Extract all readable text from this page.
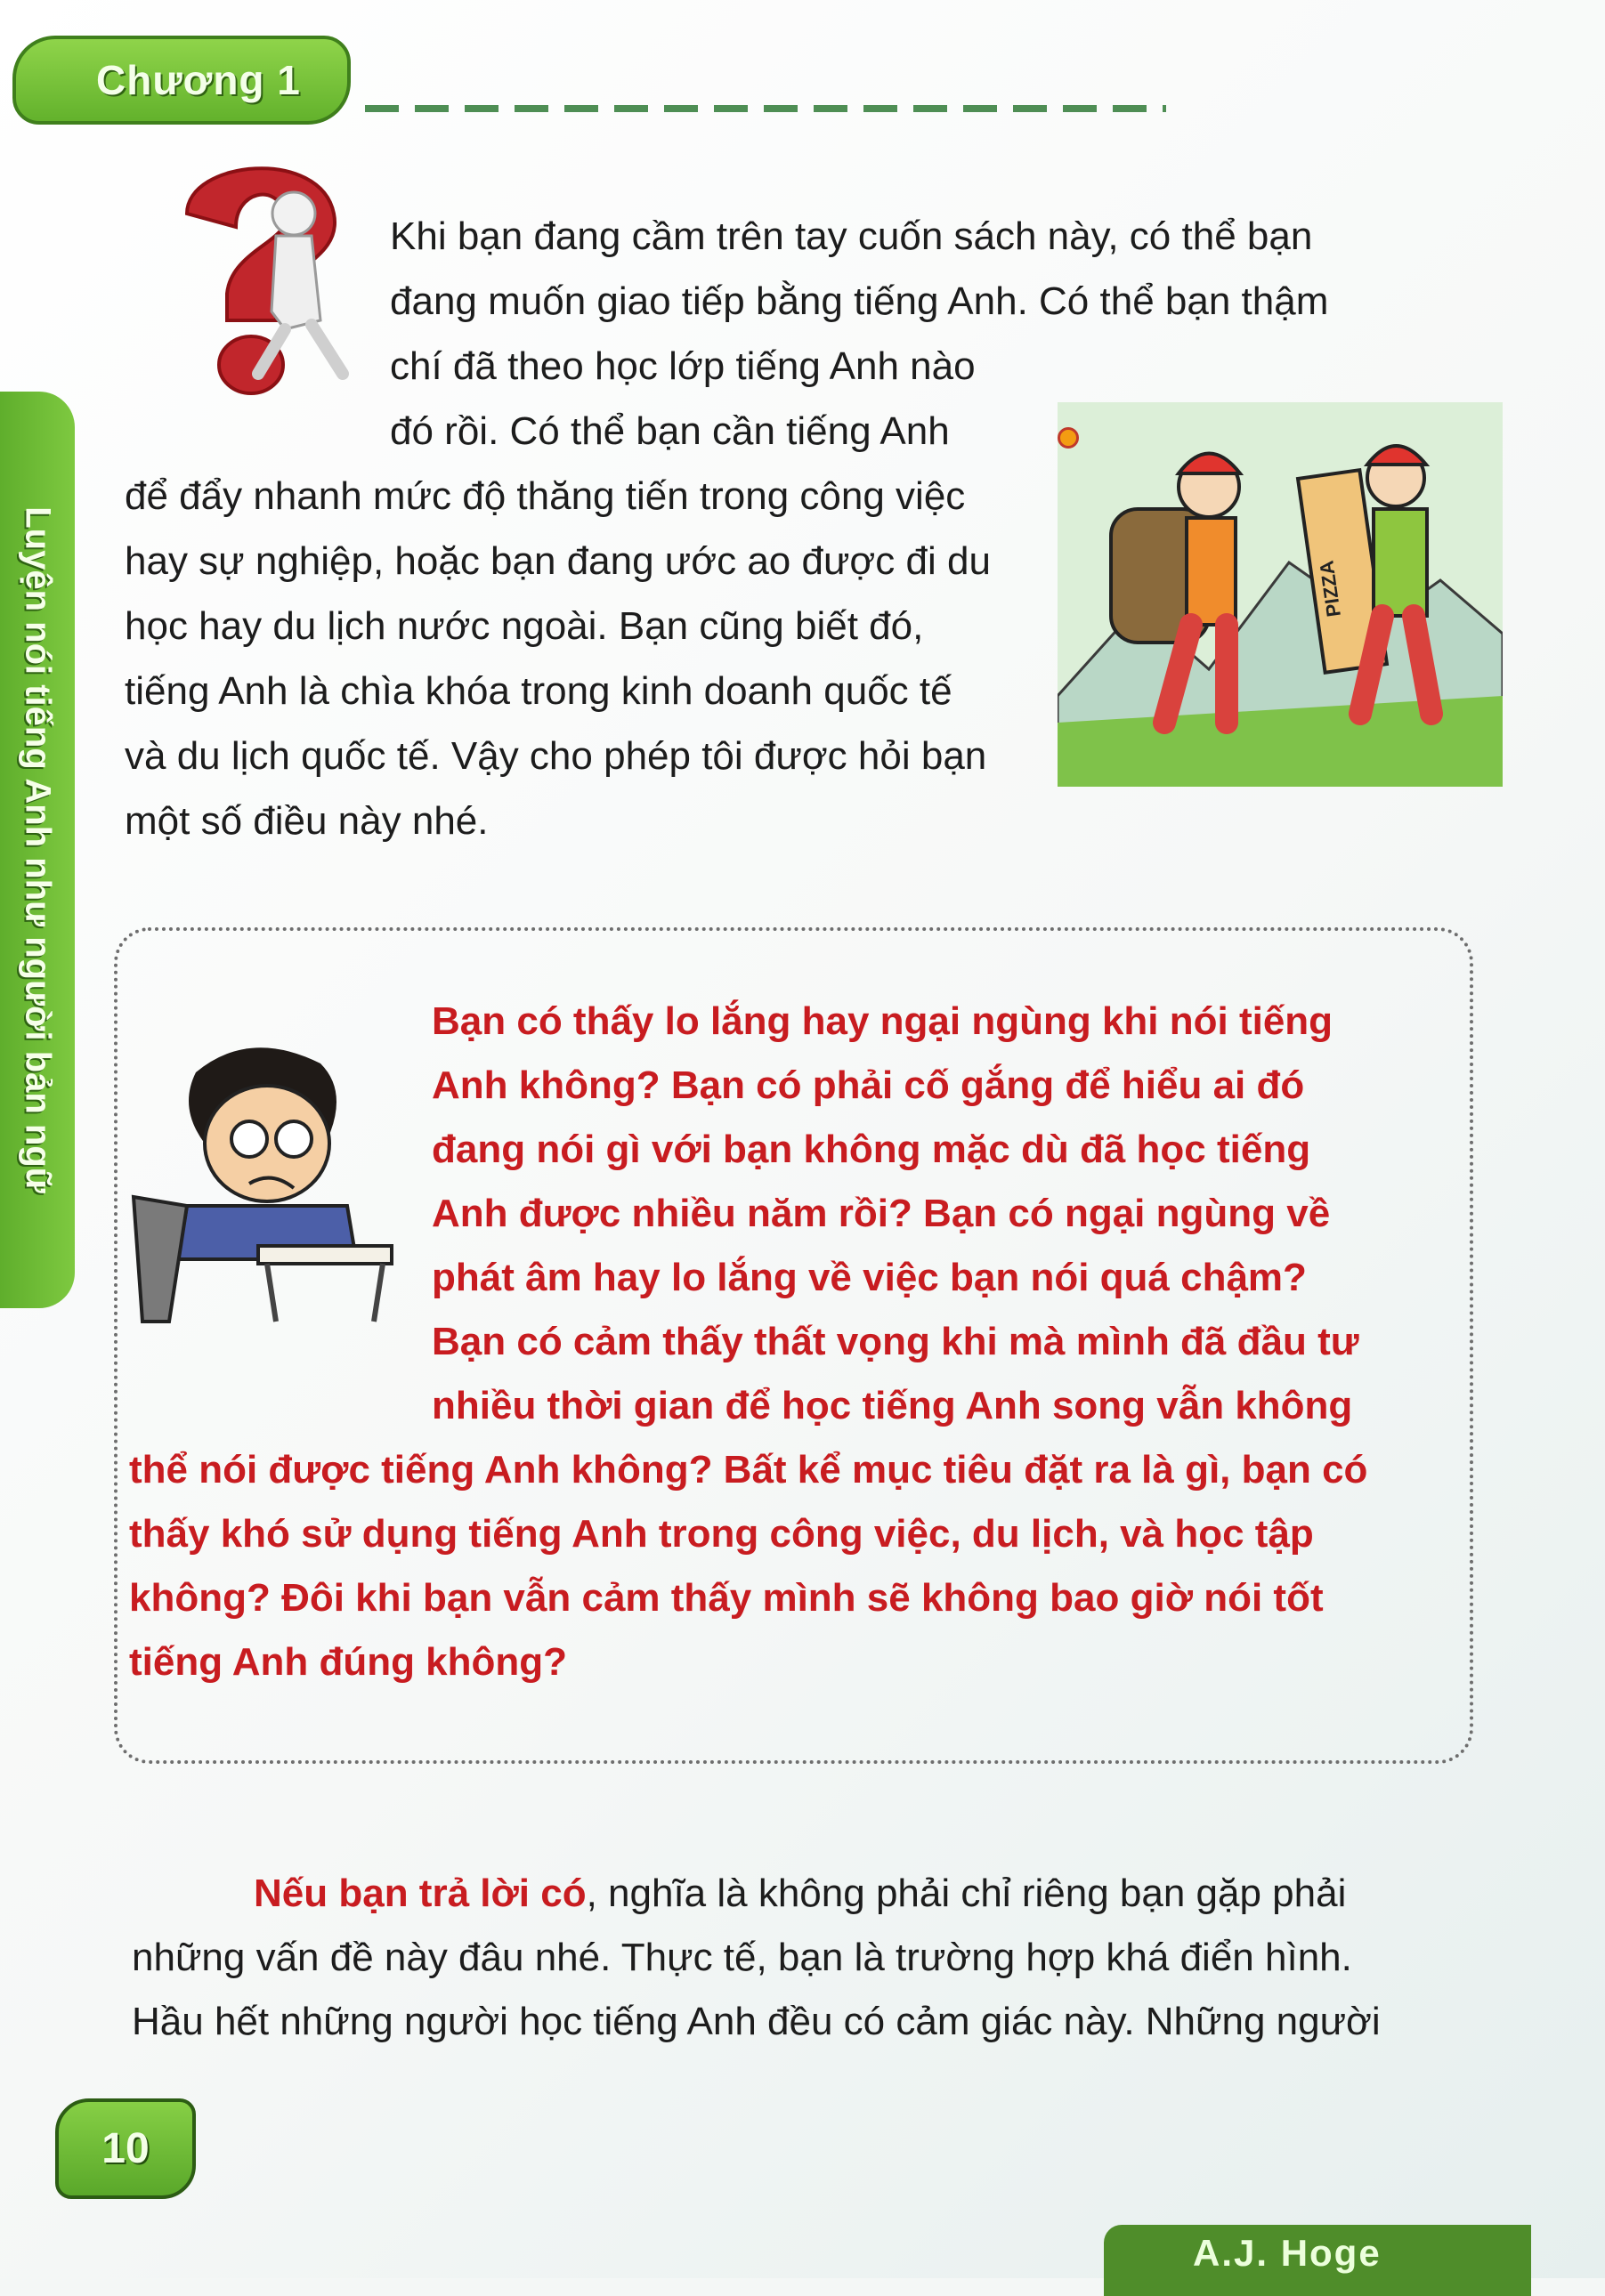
Chương 1
Luyện nói tiếng Anh như người bản ngữ
Khi bạn đang cầm trên tay cuốn sách này, có thể bạn
đang muốn giao tiếp bằng tiếng Anh. Có thể bạn thậm
chí đã theo học lớp tiếng Anh nào
đó rồi. Có thể bạn cần tiếng Anh
để đẩy nhanh mức độ thăng tiến trong công việc
hay sự nghiệp, hoặc bạn đang ước ao được đi du
học hay du lịch nước ngoài. Bạn cũng biết đó,
tiếng Anh là chìa khóa trong kinh doanh quốc tế
và du lịch quốc tế. Vậy cho phép tôi được hỏi bạn
một số điều này nhé.
PIZZA
Bạn có thấy lo lắng hay ngại ngùng khi nói tiếng
Anh không? Bạn có phải cố gắng để hiểu ai đó
đang nói gì với bạn không mặc dù đã học tiếng
Anh được nhiều năm rồi? Bạn có ngại ngùng về
phát âm hay lo lắng về việc bạn nói quá chậm?
Bạn có cảm thấy thất vọng khi mà mình đã đầu tư
nhiều thời gian để học tiếng Anh song vẫn không
thể nói được tiếng Anh không? Bất kể mục tiêu đặt ra là gì, bạn có
thấy khó sử dụng tiếng Anh trong công việc, du lịch, và học tập
không? Đôi khi bạn vẫn cảm thấy mình sẽ không bao giờ nói tốt
tiếng Anh đúng không?
Nếu bạn trả lời có, nghĩa là không phải chỉ riêng bạn gặp phải
những vấn đề này đâu nhé. Thực tế, bạn là trường hợp khá điển hình.
Hầu hết những người học tiếng Anh đều có cảm giác này. Những người
10
A.J. Hoge
